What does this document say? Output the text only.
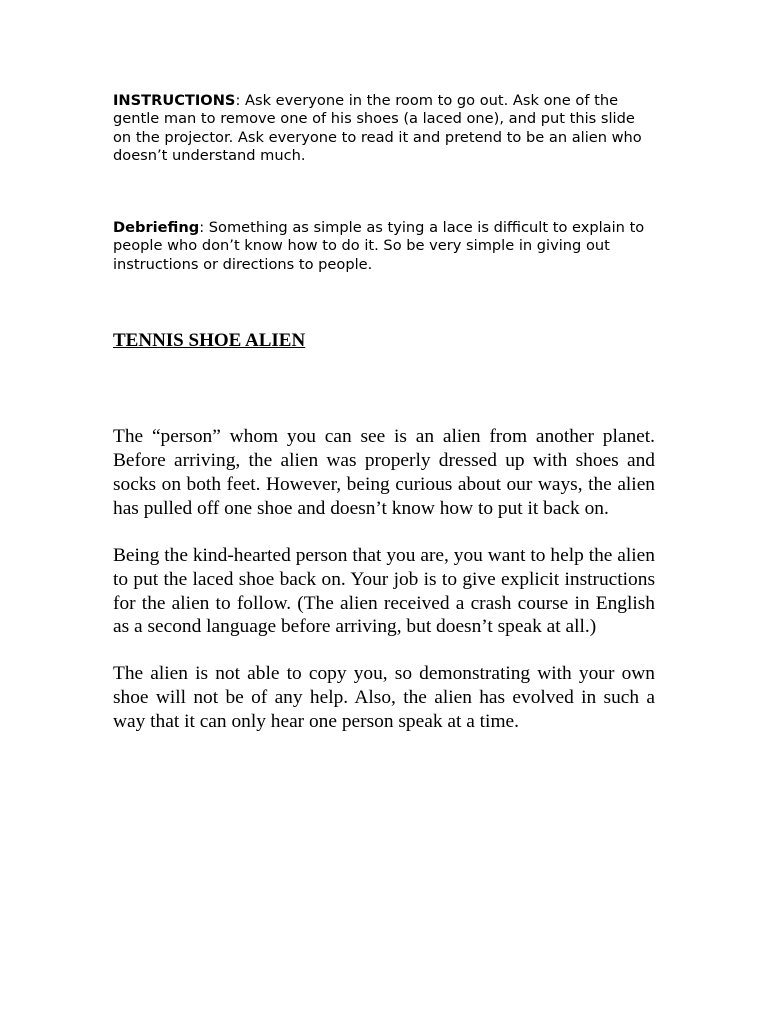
INSTRUCTIONS: Ask everyone in the room to go out. Ask one of the gentle man to remove one of his shoes (a laced one), and put this slide on the projector. Ask everyone to read it and pretend to be an alien who doesn’t understand much.

Debriefing: Something as simple as tying a lace is difficult to explain to people who don’t know how to do it. So be very simple in giving out instructions or directions to people.

TENNIS SHOE ALIEN

The “person” whom you can see is an alien from another planet. Before arriving, the alien was properly dressed up with shoes and socks on both feet. However, being curious about our ways, the alien has pulled off one shoe and doesn’t know how to put it back on.

Being the kind-hearted person that you are, you want to help the alien to put the laced shoe back on. Your job is to give explicit instructions for the alien to follow. (The alien received a crash course in English as a second language before arriving, but doesn’t speak at all.)

The alien is not able to copy you, so demonstrating with your own shoe will not be of any help. Also, the alien has evolved in such a way that it can only hear one person speak at a time.
